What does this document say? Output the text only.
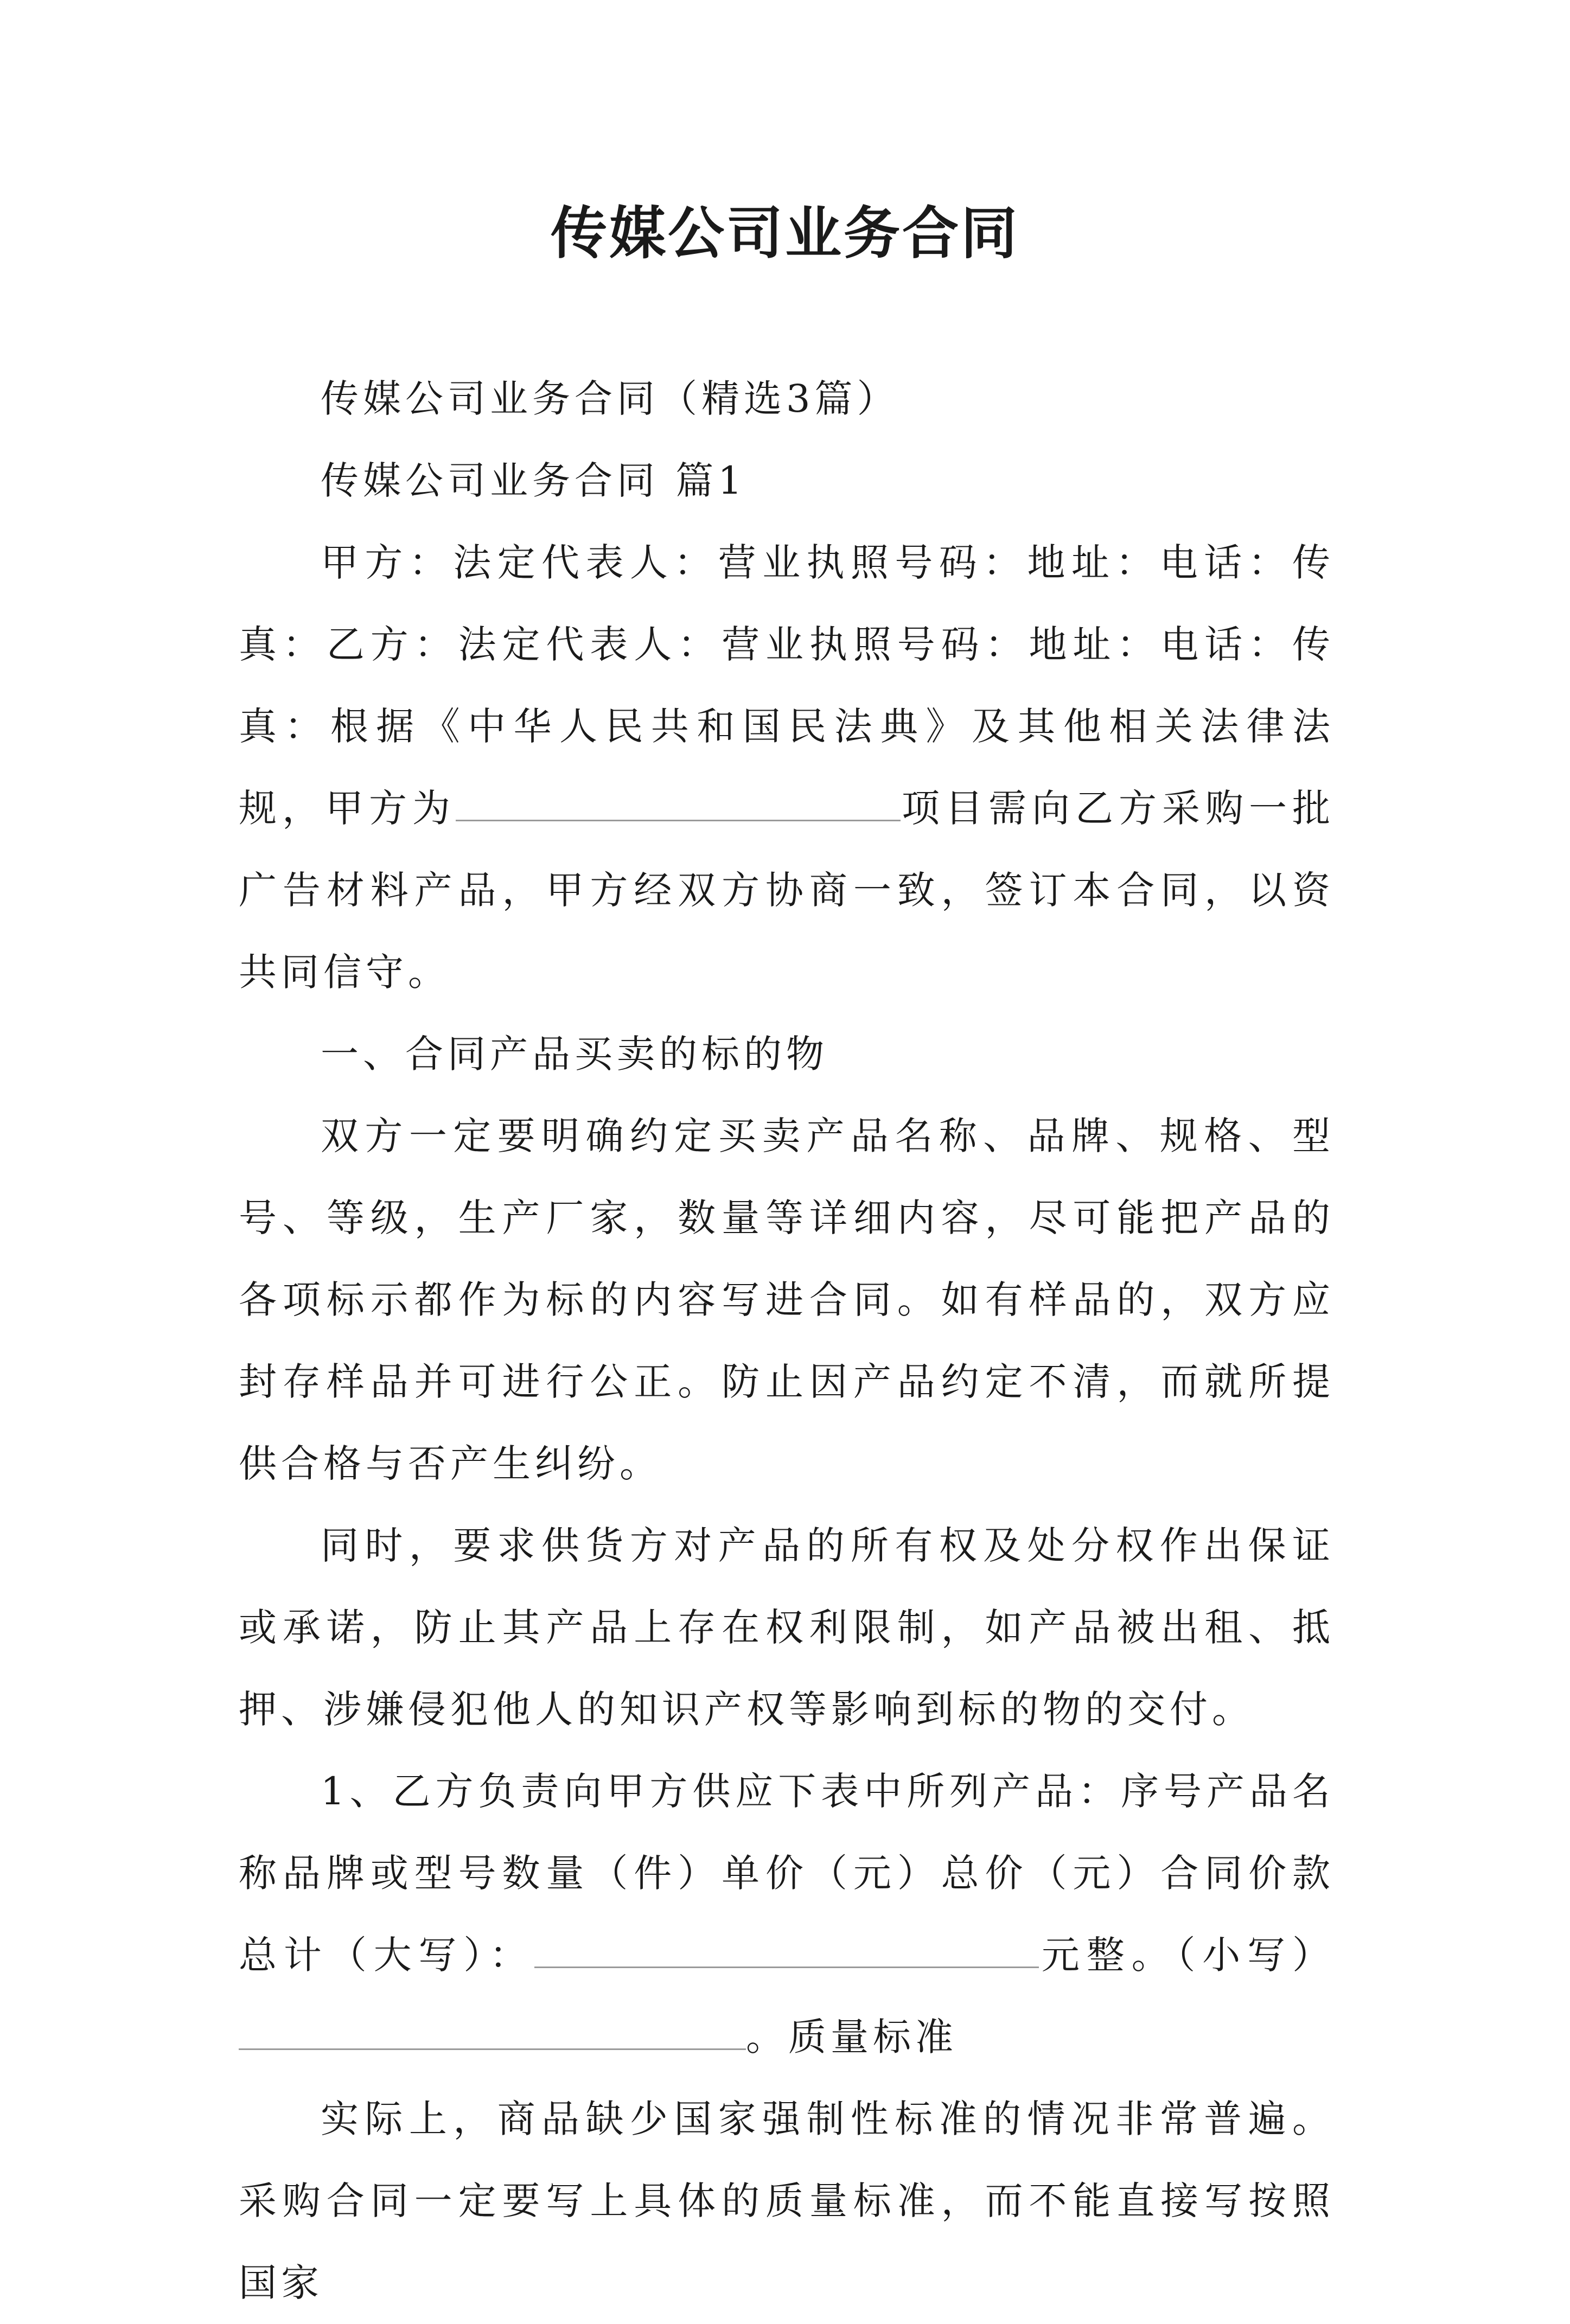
传媒公司业务合同

传媒公司业务合同（精选3篇）

传媒公司业务合同 篇1

甲方：法定代表人：营业执照号码：地址：电话：传真：乙方：法定代表人：营业执照号码：地址：电话：传真：根据《中华人民共和国民法典》及其他相关法律法规，甲方为	项目需向乙方采购一批广告材料产品，甲方经双方协商一致，签订本合同，以资共同信守。

一、合同产品买卖的标的物

双方一定要明确约定买卖产品名称、品牌、规格、型号、等级，生产厂家，数量等详细内容，尽可能把产品的各项标示都作为标的内容写进合同。如有样品的，双方应封存样品并可进行公正。防止因产品约定不清，而就所提供合格与否产生纠纷。

同时，要求供货方对产品的所有权及处分权作出保证或承诺，防止其产品上存在权利限制，如产品被出租、抵押、涉嫌侵犯他人的知识产权等影响到标的物的交付。

1、乙方负责向甲方供应下表中所列产品：序号产品名称品牌或型号数量（件）单价（元）总价（元）合同价款总计（大写）：	元整。（小写）。质量标准

实际上，商品缺少国家强制性标准的情况非常普遍。采购合同一定要写上具体的质量标准，而不能直接写按照国家
